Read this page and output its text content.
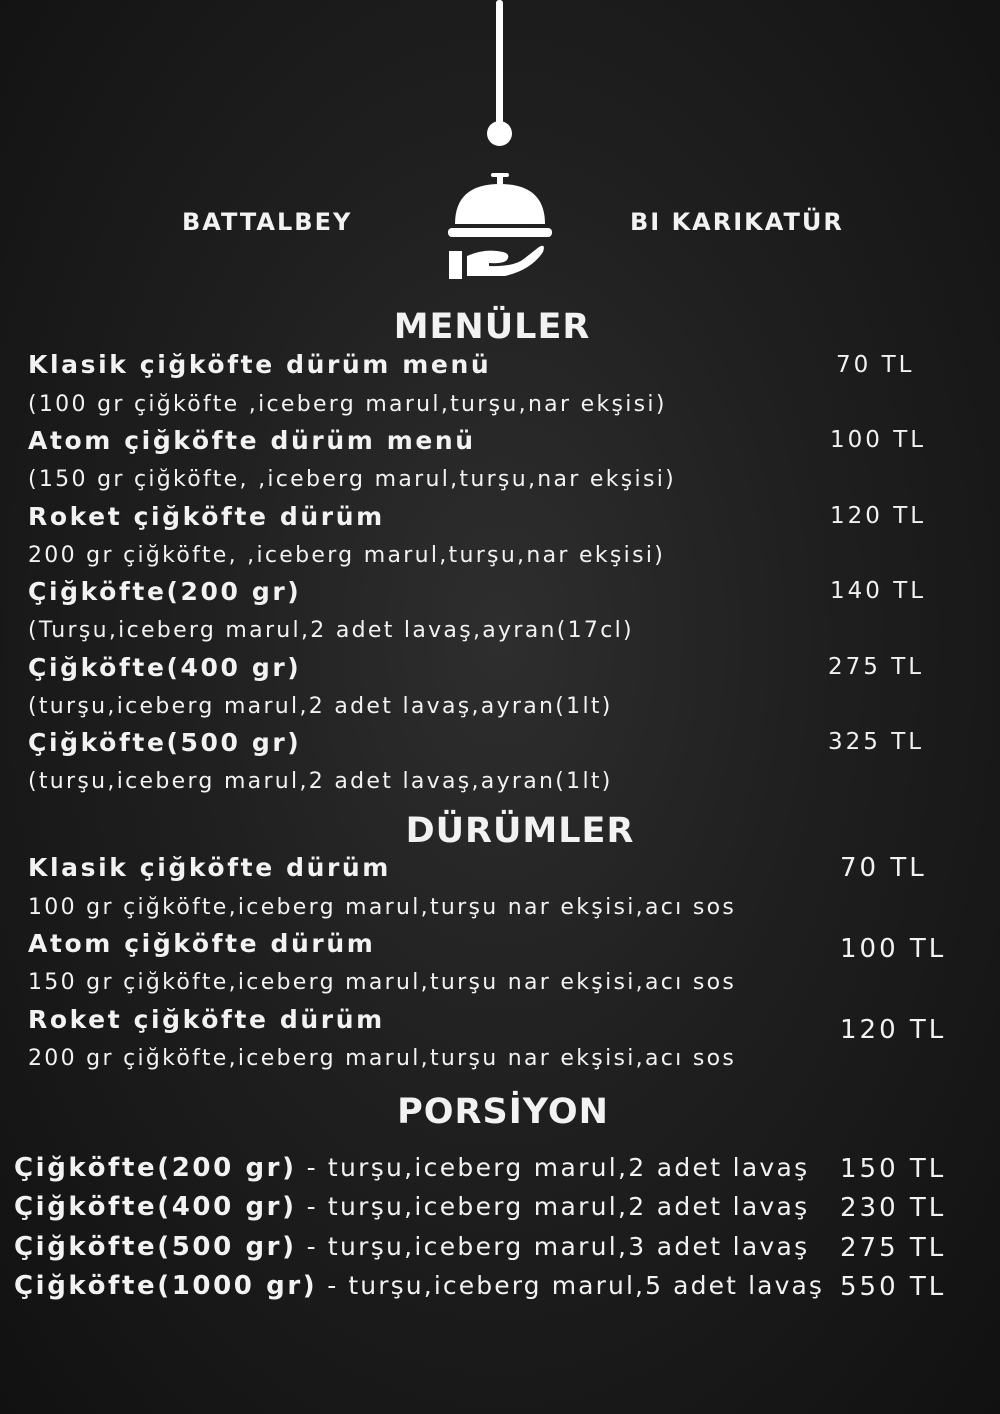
BATTALBEY	BI KARIKATÜR
MENÜLER
Klasik çiğköfte dürüm menü	70 TL
(100 gr çiğköfte ,iceberg marul,turşu,nar ekşisi)
Atom çiğköfte dürüm menü	100 TL
(150 gr çiğköfte, ,iceberg marul,turşu,nar ekşisi)
Roket çiğköfte dürüm	120 TL
200 gr çiğköfte, ,iceberg marul,turşu,nar ekşisi)
Çiğköfte(200 gr)	140 TL
(Turşu,iceberg marul,2 adet lavaş,ayran(17cl)
Çiğköfte(400 gr)	275 TL
(turşu,iceberg marul,2 adet lavaş,ayran(1lt)
Çiğköfte(500 gr)	325 TL
(turşu,iceberg marul,2 adet lavaş,ayran(1lt)
DÜRÜMLER
Klasik çiğköfte dürüm	70 TL
100 gr çiğköfte,iceberg marul,turşu nar ekşisi,acı sos
Atom çiğköfte dürüm	100 TL
150 gr çiğköfte,iceberg marul,turşu nar ekşisi,acı sos
Roket çiğköfte dürüm	120 TL
200 gr çiğköfte,iceberg marul,turşu nar ekşisi,acı sos
PORSİYON
Çiğköfte(200 gr) - turşu,iceberg marul,2 adet lavaş 150 TL
Çiğköfte(400 gr) - turşu,iceberg marul,2 adet lavaş 230 TL
Çiğköfte(500 gr) - turşu,iceberg marul,3 adet lavaş 275 TL
Çiğköfte(1000 gr) - turşu,iceberg marul,5 adet lavaş 550 TL
